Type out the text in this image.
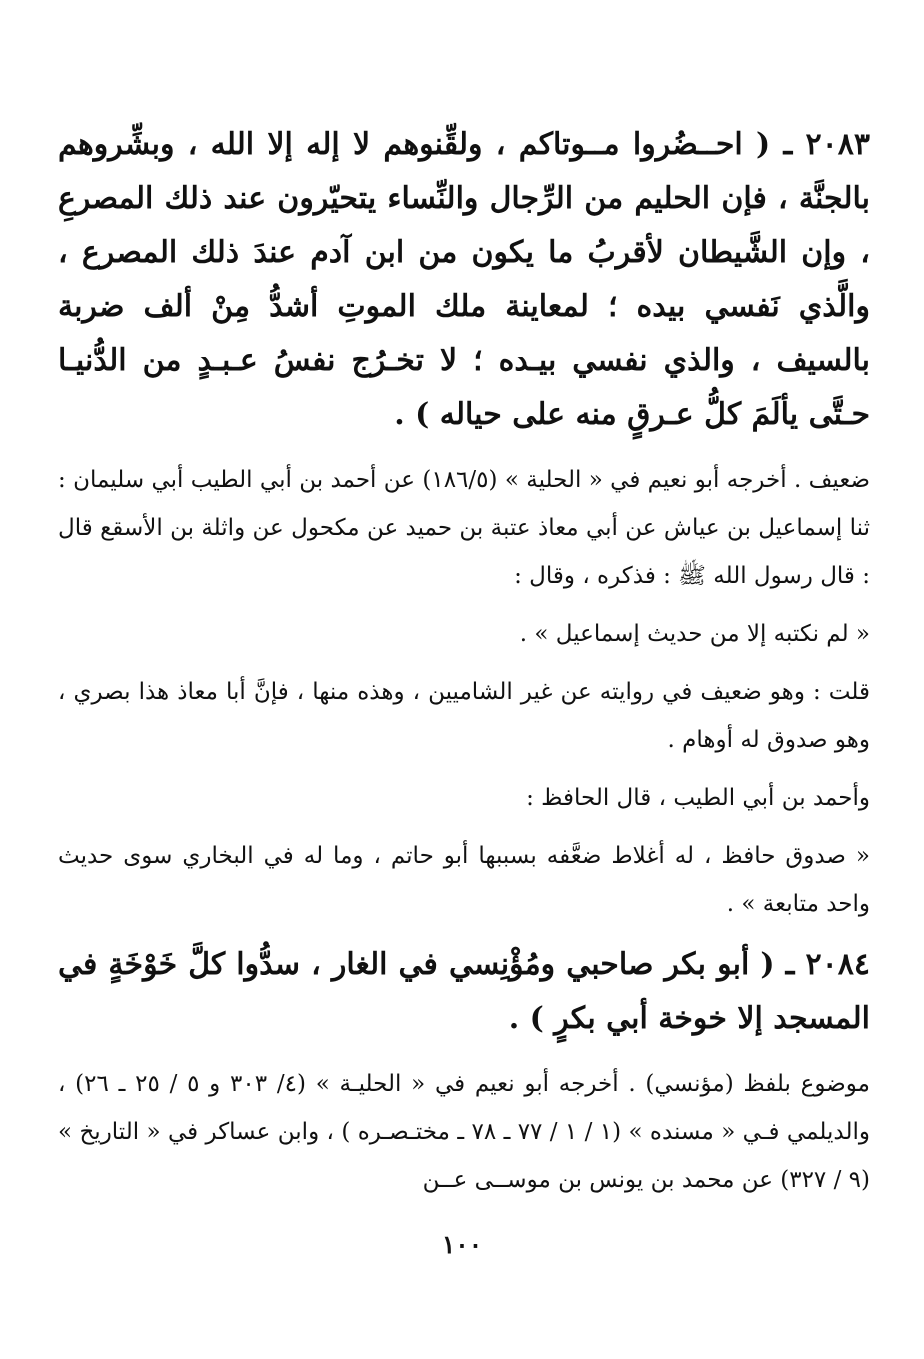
٢٠٨٣ ـ ( احــضُروا مــوتاكم ، ولقِّنوهم لا إله إلا الله ، وبشِّروهم بالجنَّة ، فإن الحليم من الرِّجال والنِّساء يتحيّرون عند ذلك المصرعِ ، وإن الشَّيطان لأقربُ ما يكون من ابن آدم عندَ ذلك المصرع ، والَّذي نَفسي بيده ؛ لمعاينة ملك الموتِ أشدُّ مِنْ ألف ضربة بالسيف ، والذي نفسي بيـده ؛ لا تخـرُج نفسُ عـبـدٍ من الدُّنيـا حـتَّى يألَمَ كلُّ عـرقٍ منه على حياله ) .

ضعيف . أخرجه أبو نعيم في « الحلية » (١٨٦/٥) عن أحمد بن أبي الطيب أبي سليمان : ثنا إسماعيل بن عياش عن أبي معاذ عتبة بن حميد عن مكحول عن واثلة بن الأسقع قال : قال رسول الله ﷺ : فذكره ، وقال :

« لم نكتبه إلا من حديث إسماعيل » .

قلت : وهو ضعيف في روايته عن غير الشاميين ، وهذه منها ، فإنَّ أبا معاذ هذا بصري ، وهو صدوق له أوهام .

وأحمد بن أبي الطيب ، قال الحافظ :

« صدوق حافظ ، له أغلاط ضعَّفه بسببها أبو حاتم ، وما له في البخاري سوى حديث واحد متابعة » .

٢٠٨٤ ـ ( أبو بكر صاحبي ومُؤْنِسي في الغار ، سدُّوا كلَّ خَوْخَةٍ في المسجد إلا خوخة أبي بكرٍ ) .

موضوع بلفظ (مؤنسي) . أخرجه أبو نعيم في « الحليـة » (٤/ ٣٠٣ و ٥ / ٢٥ ـ ٢٦) ، والديلمي فـي « مسنده » (١ / ١ / ٧٧ ـ ٧٨ ـ مختـصـره ) ، وابن عساكر في « التاريخ » (٩ / ٣٢٧) عن محمد بن يونس بن موســى عــن

١٠٠
